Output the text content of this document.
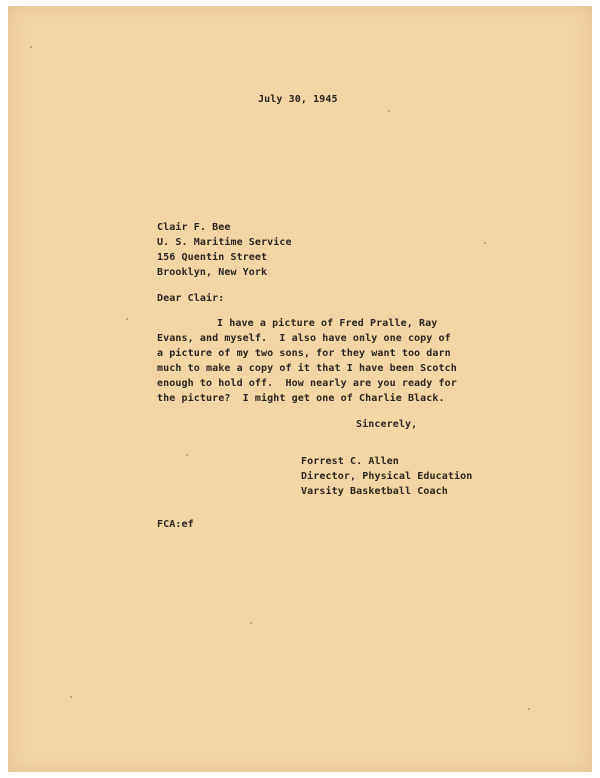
July 30, 1945

Clair F. Bee

U. S. Maritime Service

156 Quentin Street

Brooklyn, New York

Dear Clair:

I have a picture of Fred Pralle, Ray

Evans, and myself.  I also have only one copy of

a picture of my two sons, for they want too darn

much to make a copy of it that I have been Scotch

enough to hold off.  How nearly are you ready for

the picture?  I might get one of Charlie Black.

Sincerely,

Forrest C. Allen

Director, Physical Education

Varsity Basketball Coach

FCA:ef
